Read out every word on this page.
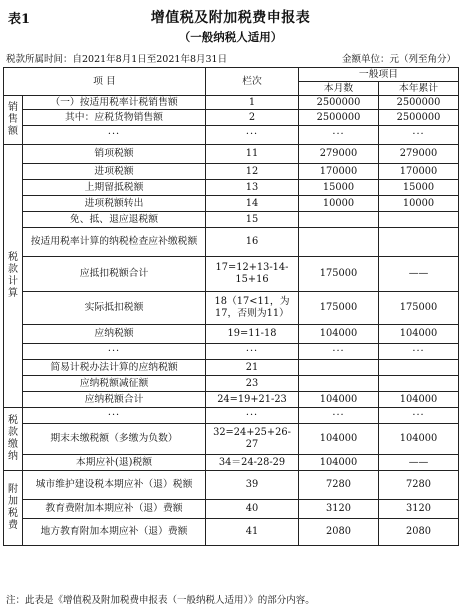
表1	增值税及附加税费申报表
（一般纳税人适用）
税款所属时间：自2021年8月1日至2021年8月31日	金额单位：元（列至角分）
项 目		栏次	一般项目	
			本月数	本年累计

销售额	（一）按适用税率计税销售额	1	2500000	2500000
	其中：应税货物销售额	2	2500000	2500000
	···	···	···	···

税款计算	销项税额	11	279000	279000
	进项税额	12	170000	170000
	上期留抵税额	13	15000	15000
	进项税额转出	14	10000	10000
	免、抵、退应退税额	15		
	按适用税率计算的纳税检查应补缴税额	16		
	应抵扣税额合计	17=12+13-14-15+16	175000	——
	实际抵扣税额	18（17<11，为17，否则为11）	175000	175000
	应纳税额	19=11-18	104000	104000
	···	···	···	···
	简易计税办法计算的应纳税额	21		
	应纳税额减征额	23		
	应纳税额合计	24=19+21-23	104000	104000

税款缴纳	···	···	···	···
	期末未缴税额（多缴为负数）	32=24+25+26-27	104000	104000
	本期应补(退)税额	34＝24-28-29	104000	——

附加税费	城市维护建设税本期应补（退）税额	39	7280	7280
	教育费附加本期应补（退）费额	40	3120	3120
	地方教育附加本期应补（退）费额	41	2080	2080
注：此表是《增值税及附加税费申报表（一般纳税人适用）》的部分内容。
